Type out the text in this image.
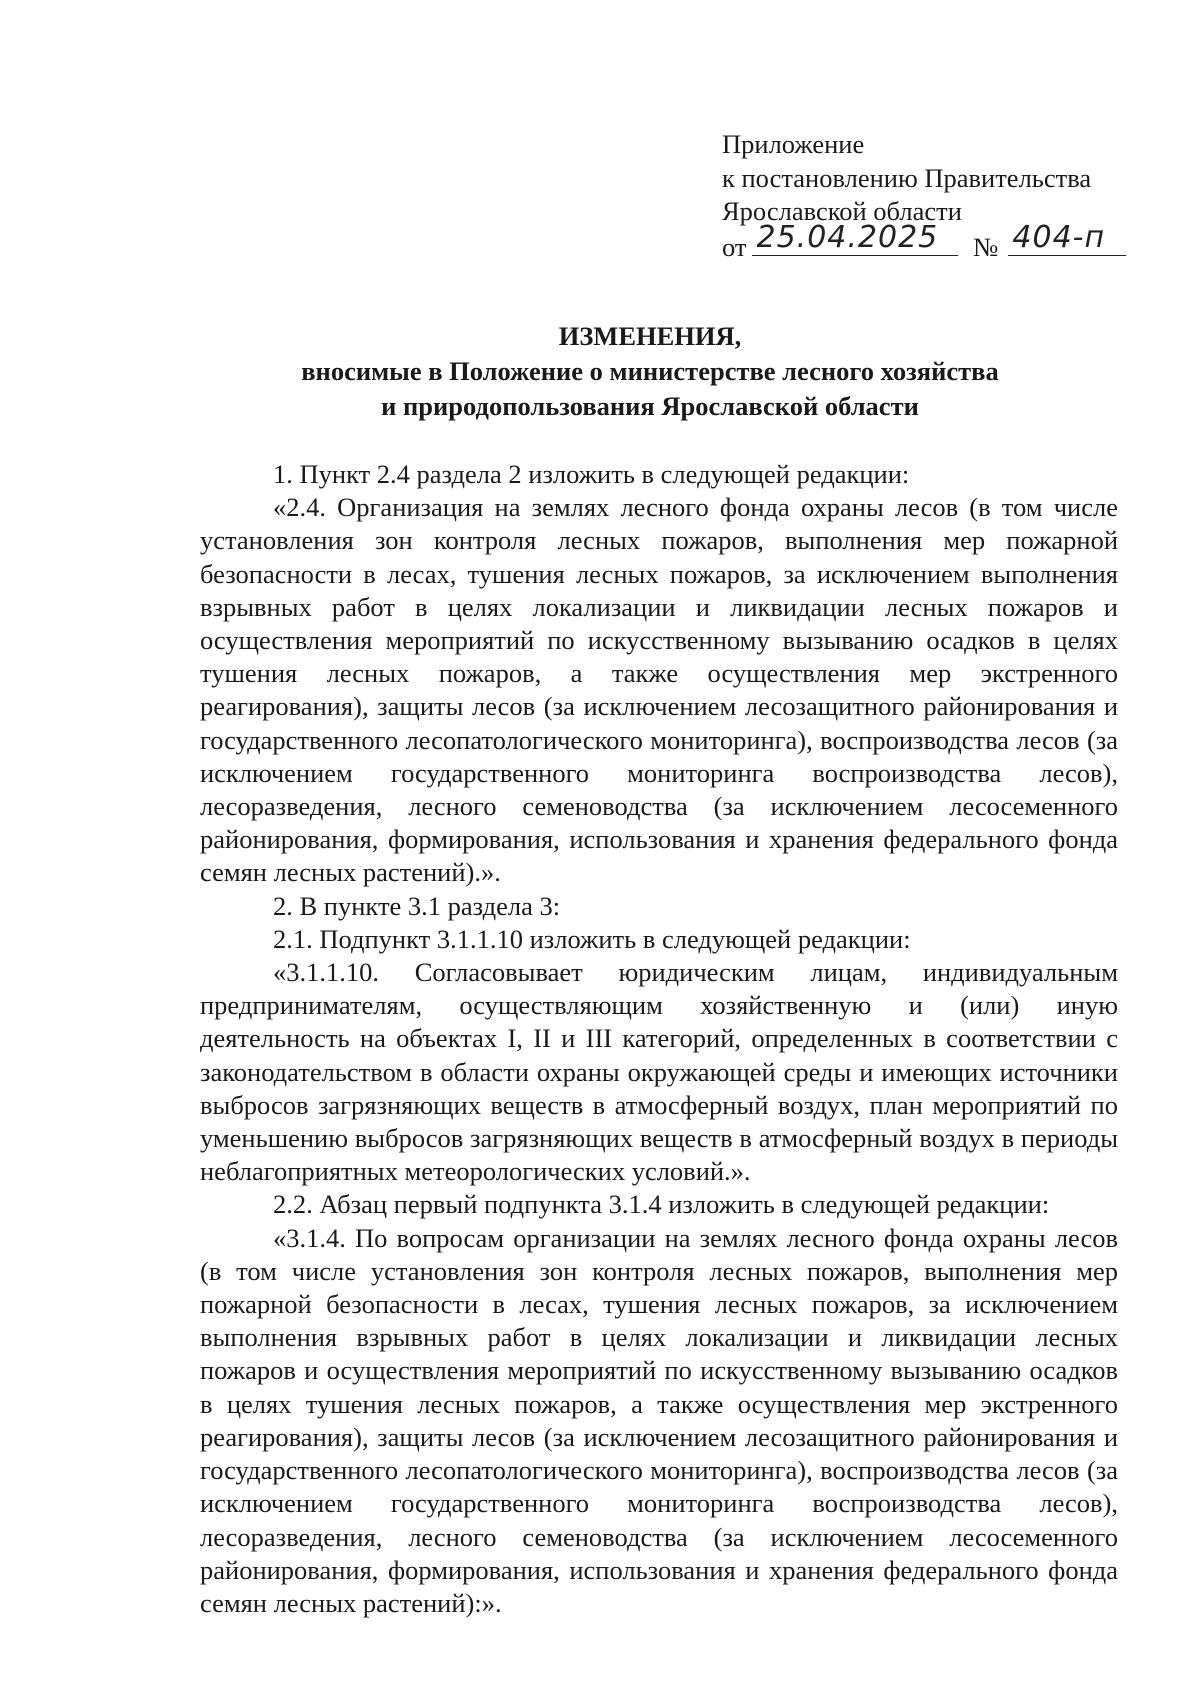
Приложение
к постановлению Правительства
Ярославской области
от 25.04.2025 № 404-п
ИЗМЕНЕНИЯ,
вносимые в Положение о министерстве лесного хозяйства
и природопользования Ярославской области

1. Пункт 2.4 раздела 2 изложить в следующей редакции:

«2.4. Организация на землях лесного фонда охраны лесов (в том числе установления зон контроля лесных пожаров, выполнения мер пожарной безопасности в лесах, тушения лесных пожаров, за исключением выполнения взрывных работ в целях локализации и ликвидации лесных пожаров и осуществления мероприятий по искусственному вызыванию осадков в целях тушения лесных пожаров, а также осуществления мер экстренного реагирования), защиты лесов (за исключением лесозащитного районирования и государственного лесопатологического мониторинга), воспроизводства лесов (за исключением государственного мониторинга воспроизводства лесов), лесоразведения, лесного семеноводства (за исключением лесосеменного районирования, формирования, использования и хранения федерального фонда семян лесных растений).».

2. В пункте 3.1 раздела 3:

2.1. Подпункт 3.1.1.10 изложить в следующей редакции:

«3.1.1.10. Согласовывает юридическим лицам, индивидуальным предпринимателям, осуществляющим хозяйственную и (или) иную деятельность на объектах I, II и III категорий, определенных в соответствии с законодательством в области охраны окружающей среды и имеющих источники выбросов загрязняющих веществ в атмосферный воздух, план мероприятий по уменьшению выбросов загрязняющих веществ в атмосферный воздух в периоды неблагоприятных метеорологических условий.».

2.2. Абзац первый подпункта 3.1.4 изложить в следующей редакции:

«3.1.4. По вопросам организации на землях лесного фонда охраны лесов (в том числе установления зон контроля лесных пожаров, выполнения мер пожарной безопасности в лесах, тушения лесных пожаров, за исключением выполнения взрывных работ в целях локализации и ликвидации лесных пожаров и осуществления мероприятий по искусственному вызыванию осадков в целях тушения лесных пожаров, а также осуществления мер экстренного реагирования), защиты лесов (за исключением лесозащитного районирования и государственного лесопатологического мониторинга), воспроизводства лесов (за исключением государственного мониторинга воспроизводства лесов), лесоразведения, лесного семеноводства (за исключением лесосеменного районирования, формирования, использования и хранения федерального фонда семян лесных растений):».
